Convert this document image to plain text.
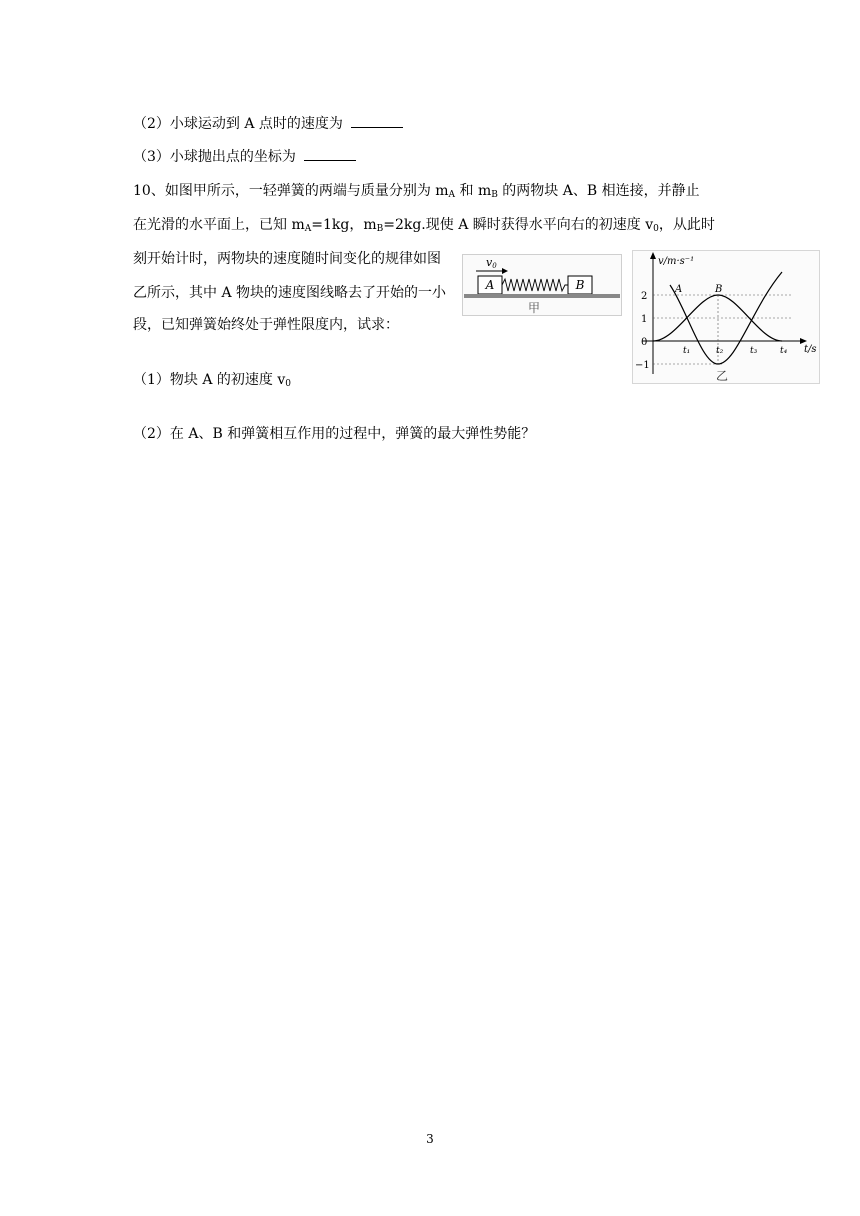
（2）小球运动到 A 点时的速度为
（3）小球抛出点的坐标为
10、如图甲所示，一轻弹簧的两端与质量分别为 $m_A$ 和 $m_B$ 的两物块 A、B 相连接，并静止
在光滑的水平面上，已知 $m_A=1kg$，$m_B=2kg$.现使 A 瞬时获得水平向右的初速度 $v_0$，从此时
刻开始计时，两物块的速度随时间变化的规律如图
乙所示，其中 A 物块的速度图线略去了开始的一小
段，已知弹簧始终处于弹性限度内，试求：
（1）物块 A 的初速度 $v_0$
（2）在 A、B 和弹簧相互作用的过程中，弹簧的最大弹性势能？
v0
A	B
甲
v/m·s⁻¹
t/s
2
1
0
−1
t₁	t₂	t₃	t₄
A	B
乙
3
